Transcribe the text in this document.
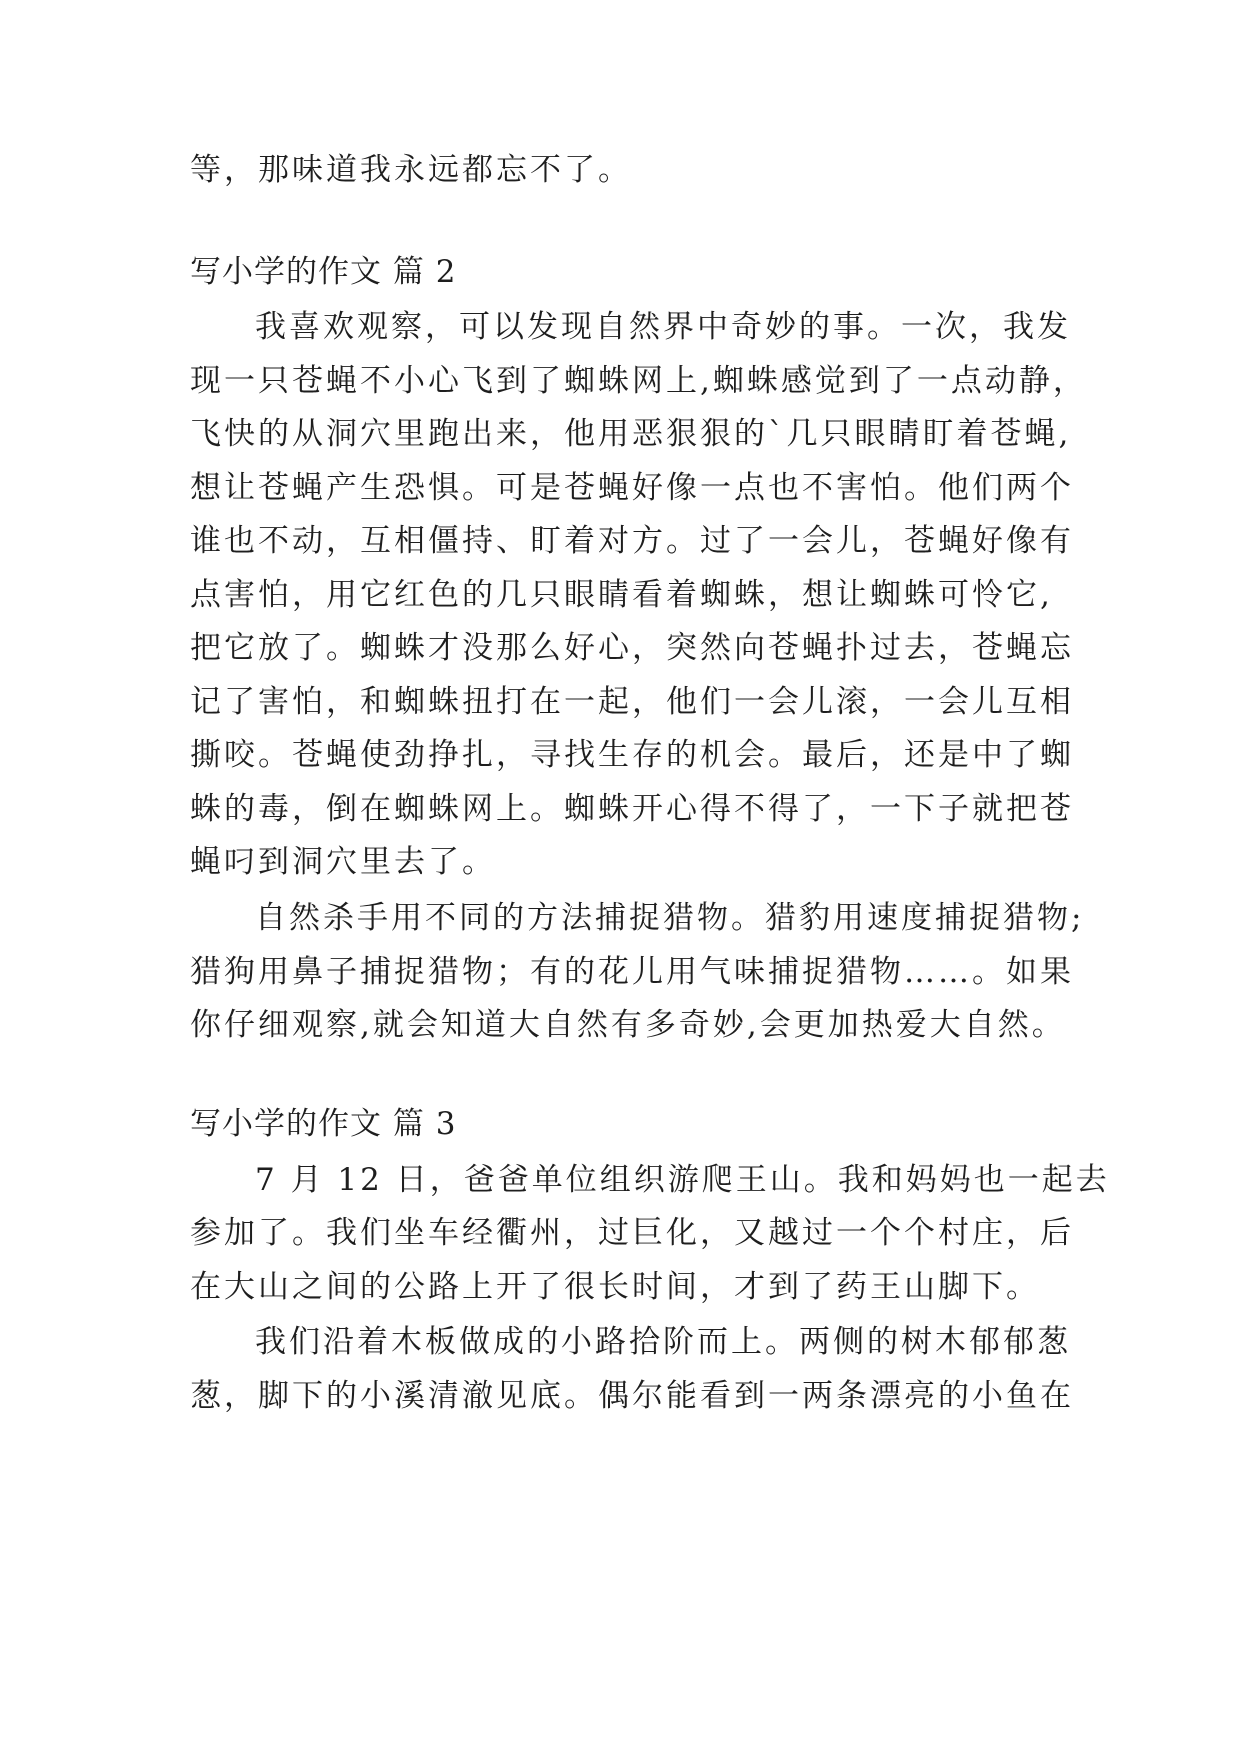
等，那味道我永远都忘不了。
写小学的作文 篇 2
我喜欢观察，可以发现自然界中奇妙的事。一次，我发
现一只苍蝇不小心飞到了蜘蛛网上,蜘蛛感觉到了一点动静，
飞快的从洞穴里跑出来，他用恶狠狠的`几只眼睛盯着苍蝇,
想让苍蝇产生恐惧。可是苍蝇好像一点也不害怕。他们两个
谁也不动，互相僵持、盯着对方。过了一会儿，苍蝇好像有
点害怕，用它红色的几只眼睛看着蜘蛛，想让蜘蛛可怜它,
把它放了。蜘蛛才没那么好心，突然向苍蝇扑过去，苍蝇忘
记了害怕，和蜘蛛扭打在一起，他们一会儿滚，一会儿互相
撕咬。苍蝇使劲挣扎，寻找生存的机会。最后，还是中了蜘
蛛的毒，倒在蜘蛛网上。蜘蛛开心得不得了，一下子就把苍
蝇叼到洞穴里去了。
自然杀手用不同的方法捕捉猎物。猎豹用速度捕捉猎物;
猎狗用鼻子捕捉猎物；有的花儿用气味捕捉猎物……。如果
你仔细观察,就会知道大自然有多奇妙,会更加热爱大自然。
写小学的作文 篇 3
7 月 12 日，爸爸单位组织游爬王山。我和妈妈也一起去
参加了。我们坐车经衢州，过巨化，又越过一个个村庄，后
在大山之间的公路上开了很长时间，才到了药王山脚下。
我们沿着木板做成的小路拾阶而上。两侧的树木郁郁葱
葱，脚下的小溪清澈见底。偶尔能看到一两条漂亮的小鱼在
